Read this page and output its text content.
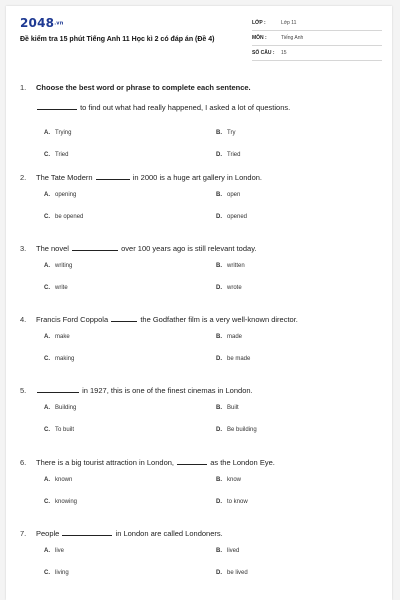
2048.vn
Đề kiểm tra 15 phút Tiếng Anh 11 Học kì 2 có đáp án (Đề 4)
LỚP :	Lớp 11
MÔN :	Tiếng Anh
SỐ CÂU : 15
1.	Choose the best word or phrase to complete each sentence.
to find out what had really happened, I asked a lot of questions.
A. Trying	B. Try
C. Tried	D. Tried
2.	The Tate Modern	in 2000 is a huge art gallery in London.
A. opening	B. open
C. be opened	D. opened
3.	The novel	over 100 years ago is still relevant today.
A. writing	B. written
C. write	D. wrote
4.	Francis Ford Coppola	the Godfather film is a very well-known director.
A. make	B. made
C. making	D. be made
5.	in 1927, this is one of the finest cinemas in London.
A. Building	B. Built
C. To built	D. Be building
6.	There is a big tourist attraction in London,	as the London Eye.
A. known	B. know
C. knowing	D. to know
7.	People	in London are called Londoners.
A. live	B. lived
C. living	D. be lived
